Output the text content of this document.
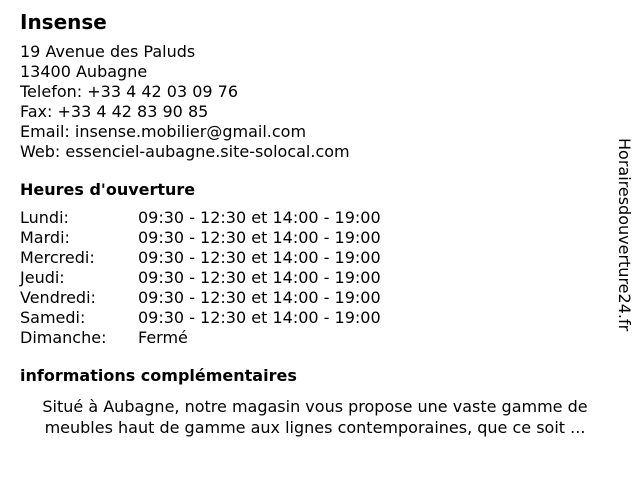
Insense
19 Avenue des Paluds
13400 Aubagne
Telefon: +33 4 42 03 09 76
Fax: +33 4 42 83 90 85
Email: insense.mobilier@gmail.com
Web: essenciel-aubagne.site-solocal.com
Heures d'ouverture
Lundi:	09:30 - 12:30 et 14:00 - 19:00
Mardi:	09:30 - 12:30 et 14:00 - 19:00
Mercredi:	09:30 - 12:30 et 14:00 - 19:00
Jeudi:	09:30 - 12:30 et 14:00 - 19:00
Vendredi:	09:30 - 12:30 et 14:00 - 19:00
Samedi:	09:30 - 12:30 et 14:00 - 19:00
Dimanche:	Fermé
informations complémentaires
Situé à Aubagne, notre magasin vous propose une vaste gamme de
meubles haut de gamme aux lignes contemporaines, que ce soit ...
Horairesdouverture24.fr
